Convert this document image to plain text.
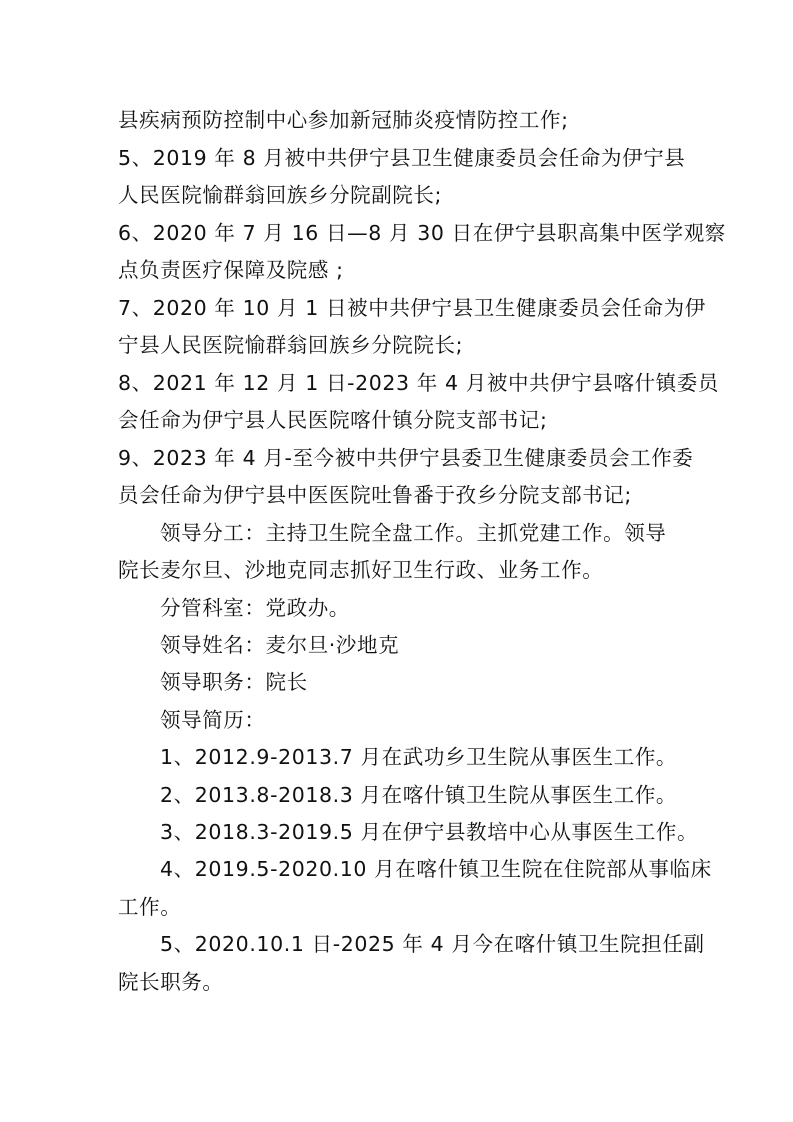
县疾病预防控制中心参加新冠肺炎疫情防控工作;
5、2019 年 8 月被中共伊宁县卫生健康委员会任命为伊宁县
人民医院愉群翁回族乡分院副院长;
6、2020 年 7 月 16 日—8 月 30 日在伊宁县职高集中医学观察
点负责医疗保障及院感 ;
7、2020 年 10 月 1 日被中共伊宁县卫生健康委员会任命为伊
宁县人民医院愉群翁回族乡分院院长;
8、2021 年 12 月 1 日-2023 年 4 月被中共伊宁县喀什镇委员
会任命为伊宁县人民医院喀什镇分院支部书记;
9、2023 年 4 月-至今被中共伊宁县委卫生健康委员会工作委
员会任命为伊宁县中医医院吐鲁番于孜乡分院支部书记;
领导分工：主持卫生院全盘工作。主抓党建工作。领导
院长麦尔旦、沙地克同志抓好卫生行政、业务工作。
分管科室：党政办。
领导姓名：麦尔旦·沙地克
领导职务：院长
领导简历：
1、2012.9-2013.7 月在武功乡卫生院从事医生工作。
2、2013.8-2018.3 月在喀什镇卫生院从事医生工作。
3、2018.3-2019.5 月在伊宁县教培中心从事医生工作。
4、2019.5-2020.10 月在喀什镇卫生院在住院部从事临床
工作。
5、2020.10.1 日-2025 年 4 月今在喀什镇卫生院担任副
院长职务。
